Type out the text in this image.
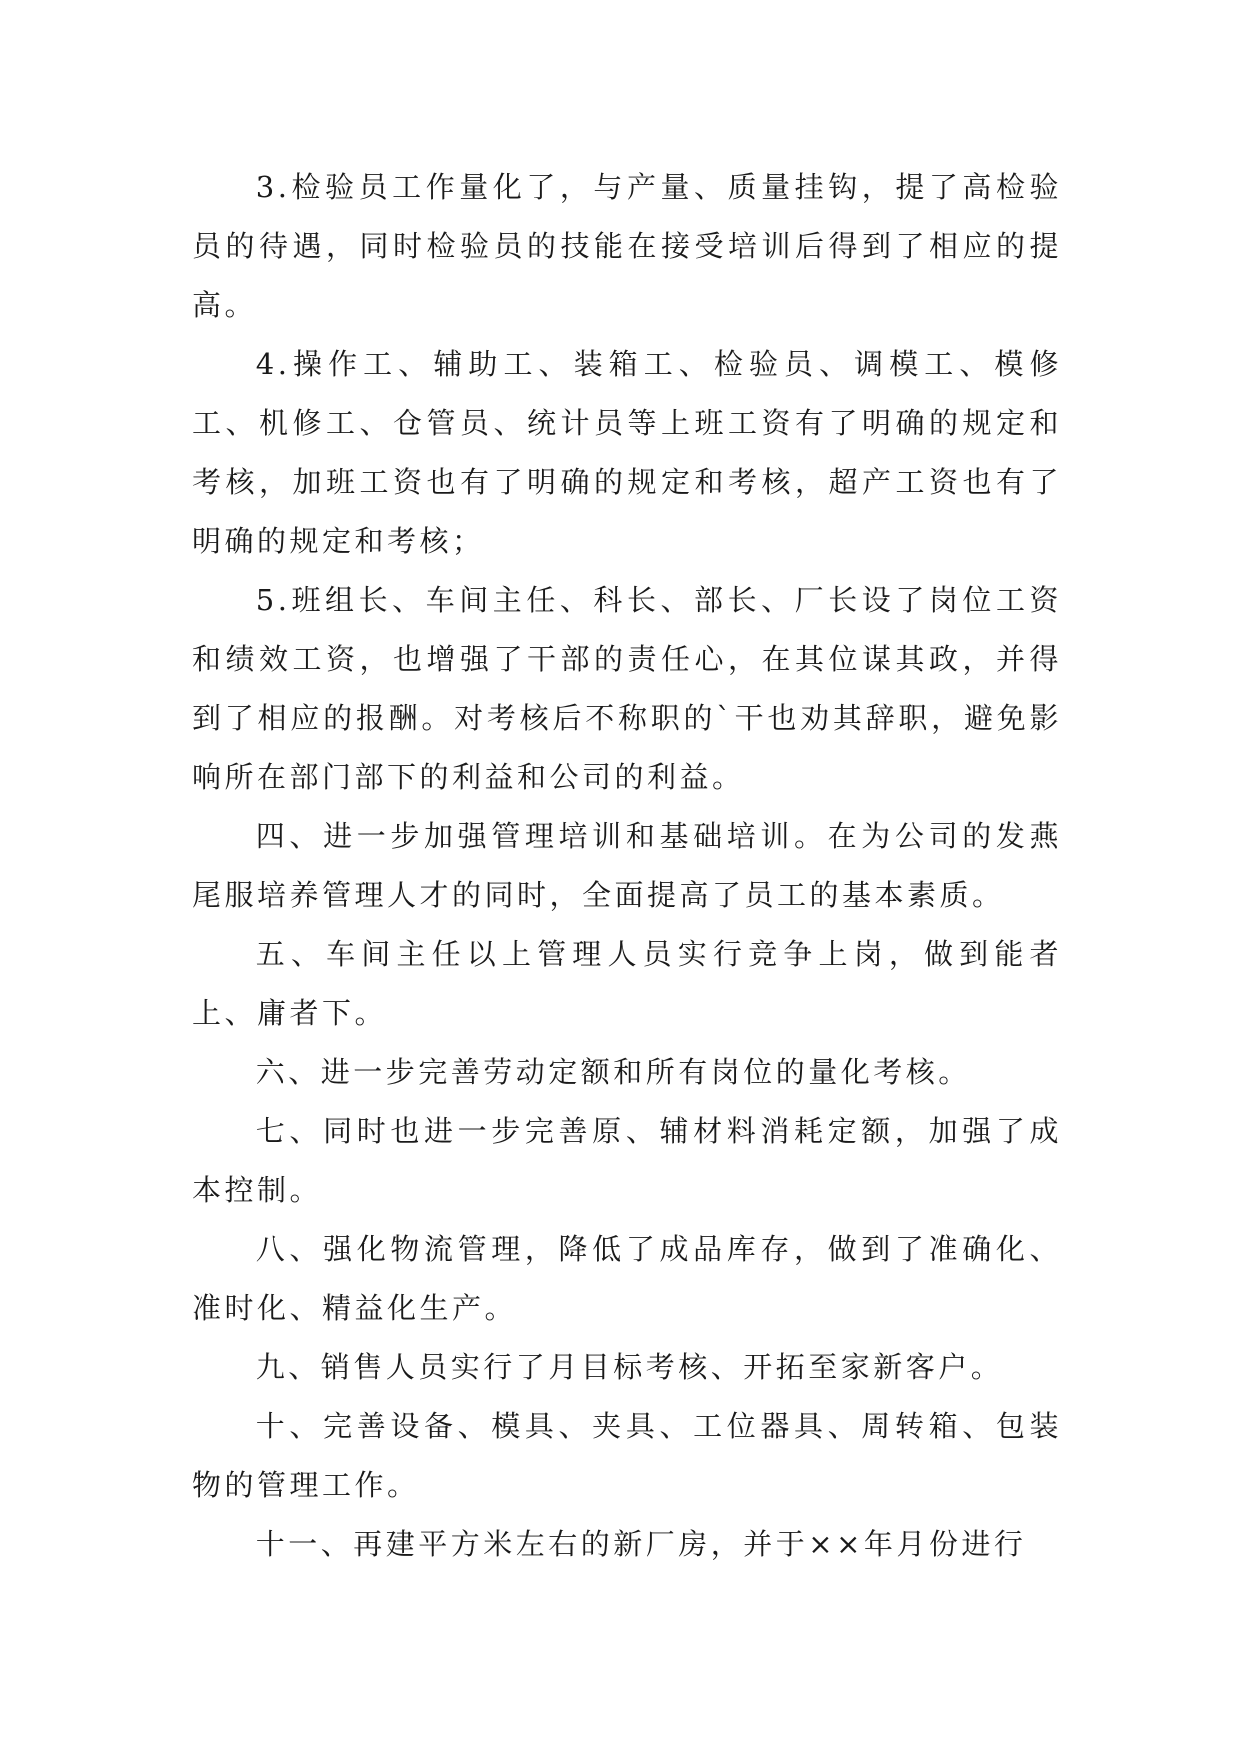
3.检验员工作量化了，与产量、质量挂钩，提了高检验员的待遇，同时检验员的技能在接受培训后得到了相应的提高。

4.操作工、辅助工、装箱工、检验员、调模工、模修工、机修工、仓管员、统计员等上班工资有了明确的规定和考核，加班工资也有了明确的规定和考核，超产工资也有了明确的规定和考核；

5.班组长、车间主任、科长、部长、厂长设了岗位工资和绩效工资，也增强了干部的责任心，在其位谋其政，并得到了相应的报酬。对考核后不称职的`干也劝其辞职，避免影响所在部门部下的利益和公司的利益。

四、进一步加强管理培训和基础培训。在为公司的发燕尾服培养管理人才的同时，全面提高了员工的基本素质。

五、车间主任以上管理人员实行竞争上岗，做到能者上、庸者下。

六、进一步完善劳动定额和所有岗位的量化考核。

七、同时也进一步完善原、辅材料消耗定额，加强了成本控制。

八、强化物流管理，降低了成品库存，做到了准确化、准时化、精益化生产。

九、销售人员实行了月目标考核、开拓至家新客户。

十、完善设备、模具、夹具、工位器具、周转箱、包装物的管理工作。

十一、再建平方米左右的新厂房，并于××年月份进行
